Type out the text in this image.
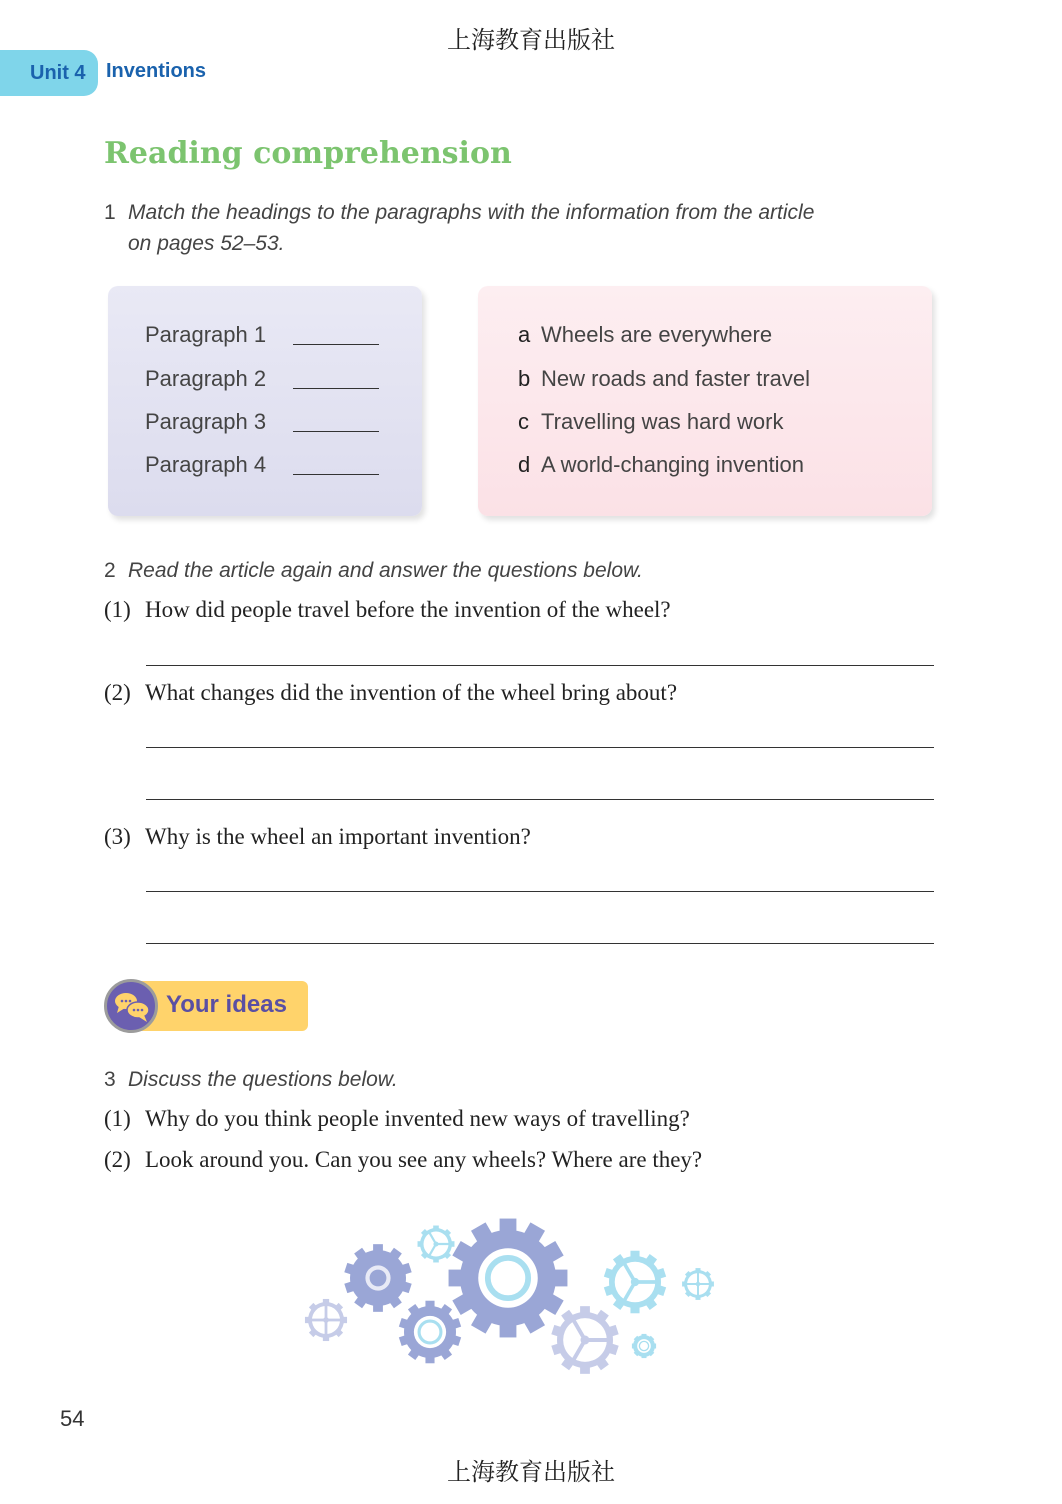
上海教育出版社
Unit 4 Inventions
Reading comprehension
1 Match the headings to the paragraphs with the information from the article
on pages 52–53.
Paragraph 1
Paragraph 2
Paragraph 3
Paragraph 4
a Wheels are everywhere
b New roads and faster travel
c Travelling was hard work
d A world-changing invention
2 Read the article again and answer the questions below.
(1) How did people travel before the invention of the wheel?
(2) What changes did the invention of the wheel bring about?
(3) Why is the wheel an important invention?
Your ideas
3 Discuss the questions below.
(1) Why do you think people invented new ways of travelling?
(2) Look around you. Can you see any wheels? Where are they?
54
上海教育出版社
